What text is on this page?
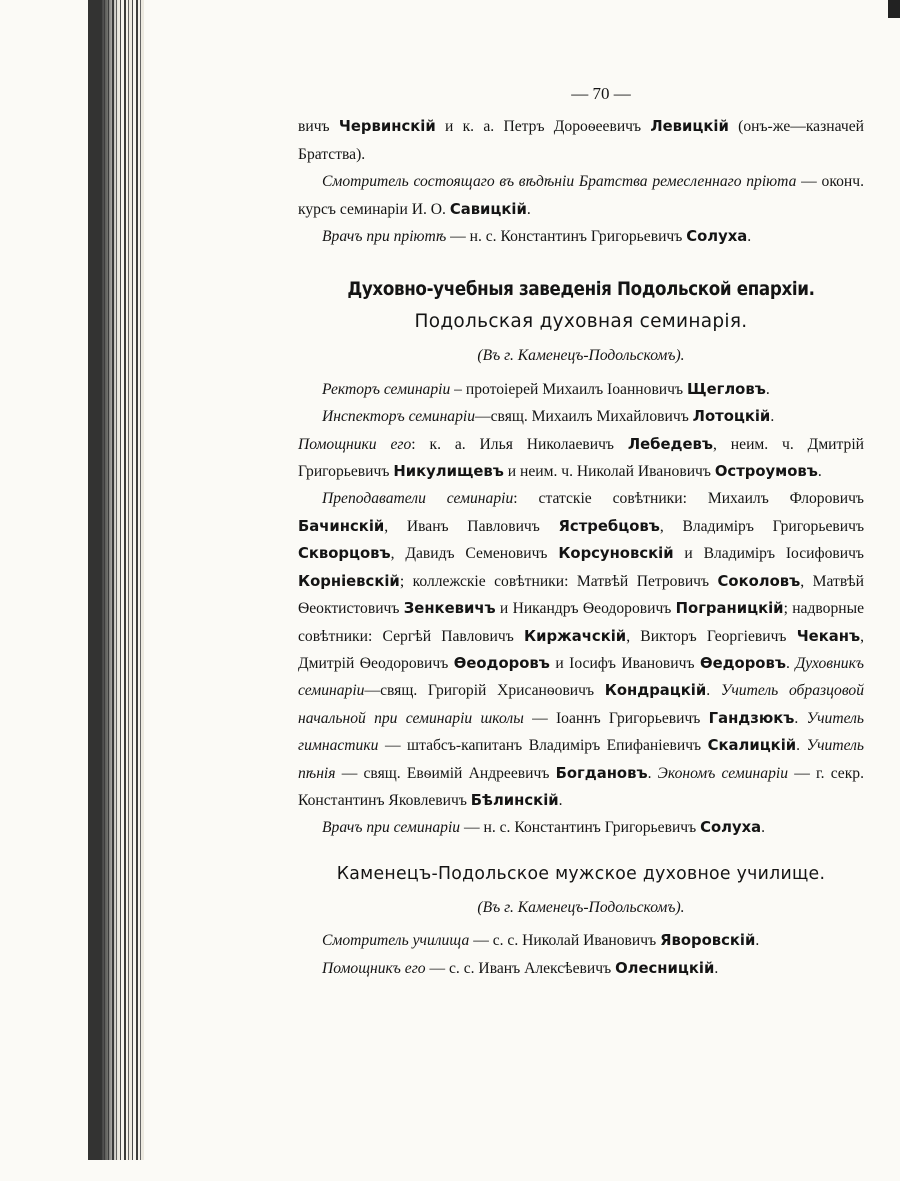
— 70 —

вичъ Червинскій и к. а. Петръ Дороѳеевичъ Левицкій (онъ-же—казначей Братства).

Смотритель состоящаго въ вѣдѣніи Братства ремесленнаго пріюта — оконч. курсъ семинаріи И. О. Савицкій.

Врачъ при пріютѣ — н. с. Константинъ Григорьевичъ Солуха.

Духовно-учебныя заведенія Подольской епархіи.
Подольская духовная семинарія.
(Въ г. Каменецъ-Подольскомъ).

Ректоръ семинаріи – протоіерей Михаилъ Іоанновичъ Щегловъ.

Инспекторъ семинаріи—свящ. Михаилъ Михайловичъ Лотоцкій.

Помощники его: к. а. Илья Николаевичъ Лебедевъ, неим. ч. Дмитрій Григорьевичъ Никулищевъ и неим. ч. Николай Ивановичъ Остроумовъ.

Преподаватели семинаріи: статскіе совѣтники: Михаилъ Флоровичъ Бачинскій, Иванъ Павловичъ Ястребцовъ, Владиміръ Григорьевичъ Скворцовъ, Давидъ Семеновичъ Корсуновскій и Владиміръ Іосифовичъ Корніевскій; коллежскіе совѣтники: Матвѣй Петровичъ Соколовъ, Матвѣй Ѳеоктистовичъ Зенкевичъ и Никандръ Ѳеодоровичъ Пограницкій; надворные совѣтники: Сергѣй Павловичъ Киржачскій, Викторъ Георгіевичъ Чеканъ, Дмитрій Ѳеодоровичъ Ѳеодоровъ и Іосифъ Ивановичъ Ѳедоровъ. Духовникъ семинаріи—свящ. Григорій Хрисанѳовичъ Кондрацкій. Учитель образцовой начальной при семинаріи школы — Іоаннъ Григорьевичъ Гандзюкъ. Учитель гимнастики — штабсъ-капитанъ Владиміръ Епифаніевичъ Скалицкій. Учитель пѣнія — свящ. Евѳимій Андреевичъ Богдановъ. Экономъ семинаріи — г. секр. Константинъ Яковлевичъ Бѣлинскій.

Врачъ при семинаріи — н. с. Константинъ Григорьевичъ Солуха.

Каменецъ-Подольское мужское духовное училище.
(Въ г. Каменецъ-Подольскомъ).

Смотритель училища — с. с. Николай Ивановичъ Яворовскій.

Помощникъ его — с. с. Иванъ Алексѣевичъ Олесницкій.
